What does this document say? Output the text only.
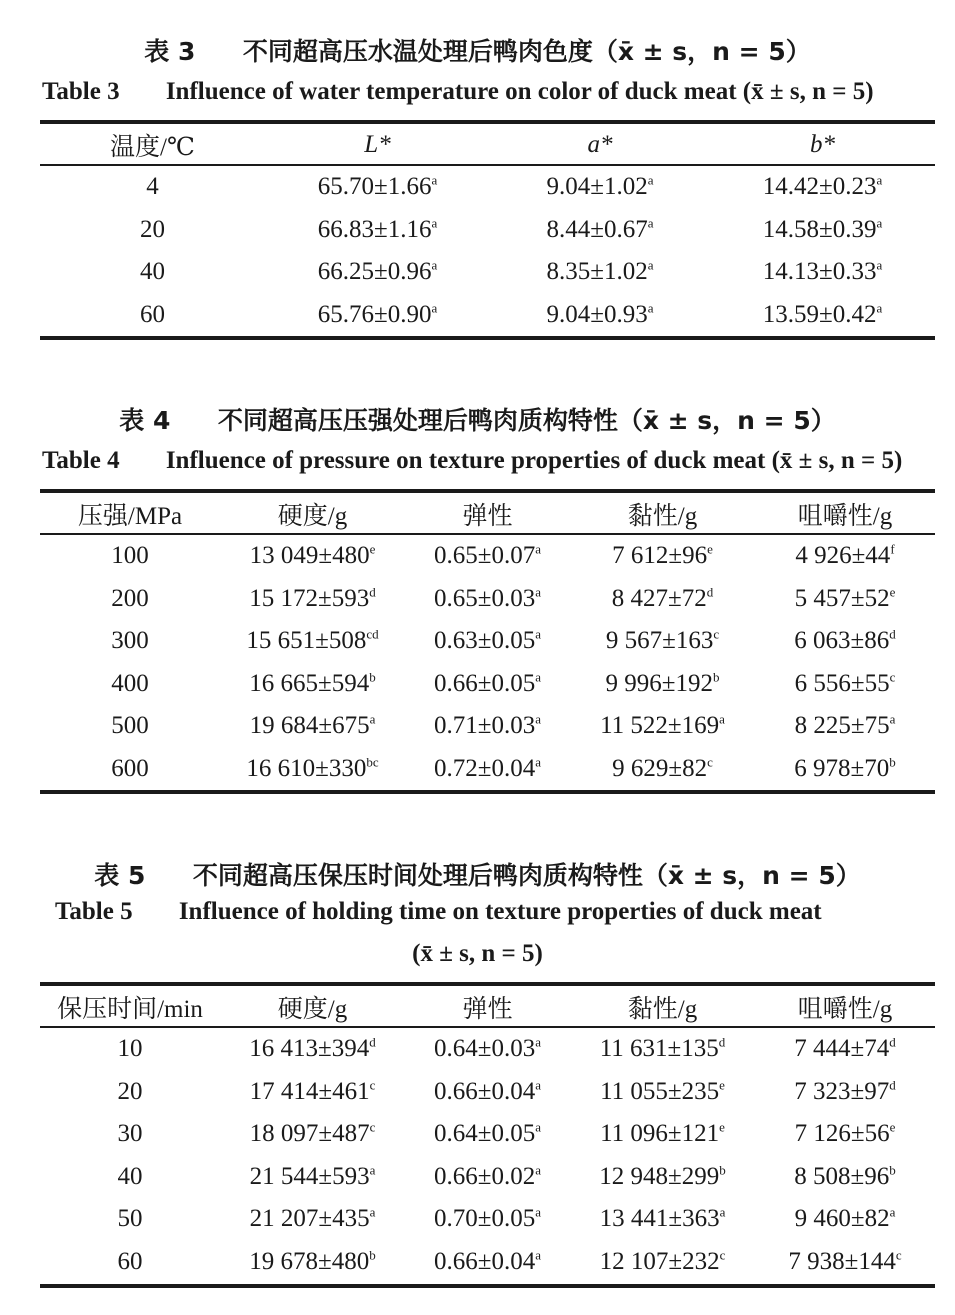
表 3 不同超高压水温处理后鸭肉色度（x̄ ± s，n = 5）
Table 3 Influence of water temperature on color of duck meat (x̄ ± s, n = 5)
温度/℃	L*	a*	b*
4	65.70±1.66$^a$	9.04±1.02$^a$	14.42±0.23$^a$
20	66.83±1.16$^a$	8.44±0.67$^a$	14.58±0.39$^a$
40	66.25±0.96$^a$	8.35±1.02$^a$	14.13±0.33$^a$
60	65.76±0.90$^a$	9.04±0.93$^a$	13.59±0.42$^a$
表 4 不同超高压压强处理后鸭肉质构特性（x̄ ± s，n = 5）
Table 4 Influence of pressure on texture properties of duck meat (x̄ ± s, n = 5)
压强/MPa	硬度/g	弹性	黏性/g	咀嚼性/g
100	13 $049\pm 480^e$	0.65±0.07$^a$	7 $612\pm 96^e$	4 $926\pm 44^f$
200	15 $172\pm 593^d$	0.65±0.03$^a$	8 $427\pm 72^d$	5 $457\pm 52^e$
300	15 $651\pm 508^{cd}$	0.63±0.05$^a$	9 $567\pm 163^c$	6 $063\pm 86^d$
400	16 $665\pm 594^b$	0.66±0.05$^a$	9 $996\pm 192^b$	6 $556\pm 55^c$
500	19 $684\pm 675^a$	0.71±0.03$^a$	11 $522\pm 169^a$	8 $225\pm 75^a$
600	16 $610\pm 330^{bc}$	0.72±0.04$^a$	9 $629\pm 82^c$	6 $978\pm 70^b$
表 5 不同超高压保压时间处理后鸭肉质构特性（x̄ ± s，n = 5）
Table 5 Influence of holding time on texture properties of duck meat
(x̄ ± s, n = 5)
保压时间/min	硬度/g	弹性	黏性/g	咀嚼性/g
10	16 $413\pm 394^d$	0.64±0.03$^a$	11 $631\pm 135^d$	7 $444\pm 74^d$
20	17 $414\pm 461^c$	0.66±0.04$^a$	11 $055\pm 235^e$	7 $323\pm 97^d$
30	18 $097\pm 487^c$	0.64±0.05$^a$	11 $096\pm 121^e$	7 $126\pm 56^e$
40	21 $544\pm 593^a$	0.66±0.02$^a$	12 $948\pm 299^b$	8 $508\pm 96^b$
50	21 $207\pm 435^a$	0.70±0.05$^a$	13 $441\pm 363^a$	9 $460\pm 82^a$
60	19 $678\pm 480^b$	0.66±0.04$^a$	12 $107\pm 232^c$	7 $938\pm 144^c$
